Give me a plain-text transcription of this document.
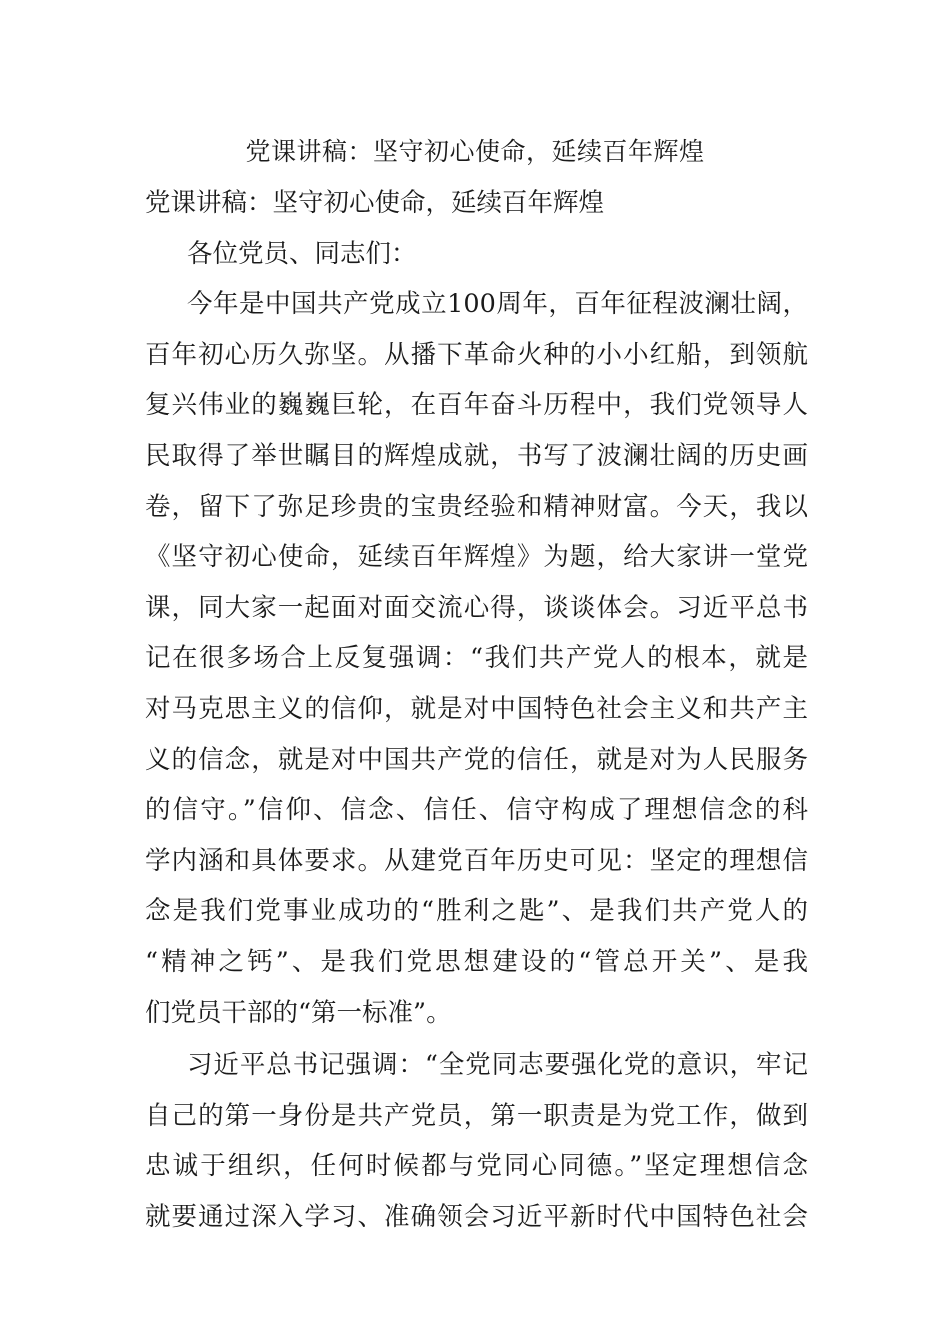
党课讲稿：坚守初心使命，延续百年辉煌
党课讲稿：坚守初心使命，延续百年辉煌
各位党员、同志们：
今年是中国共产党成立100周年，百年征程波澜壮阔，
百年初心历久弥坚。从播下革命火种的小小红船，到领航
复兴伟业的巍巍巨轮，在百年奋斗历程中，我们党领导人
民取得了举世瞩目的辉煌成就，书写了波澜壮阔的历史画
卷，留下了弥足珍贵的宝贵经验和精神财富。今天，我以
《坚守初心使命，延续百年辉煌》为题，给大家讲一堂党
课，同大家一起面对面交流心得，谈谈体会。习近平总书
记在很多场合上反复强调：“我们共产党人的根本，就是
对马克思主义的信仰，就是对中国特色社会主义和共产主
义的信念，就是对中国共产党的信任，就是对为人民服务
的信守。”信仰、信念、信任、信守构成了理想信念的科
学内涵和具体要求。从建党百年历史可见：坚定的理想信
念是我们党事业成功的“胜利之匙”、是我们共产党人的
“精神之钙”、是我们党思想建设的“管总开关”、是我
们党员干部的“第一标准”。
习近平总书记强调：“全党同志要强化党的意识，牢记
自己的第一身份是共产党员，第一职责是为党工作，做到
忠诚于组织，任何时候都与党同心同德。”坚定理想信念
就要通过深入学习、准确领会习近平新时代中国特色社会
